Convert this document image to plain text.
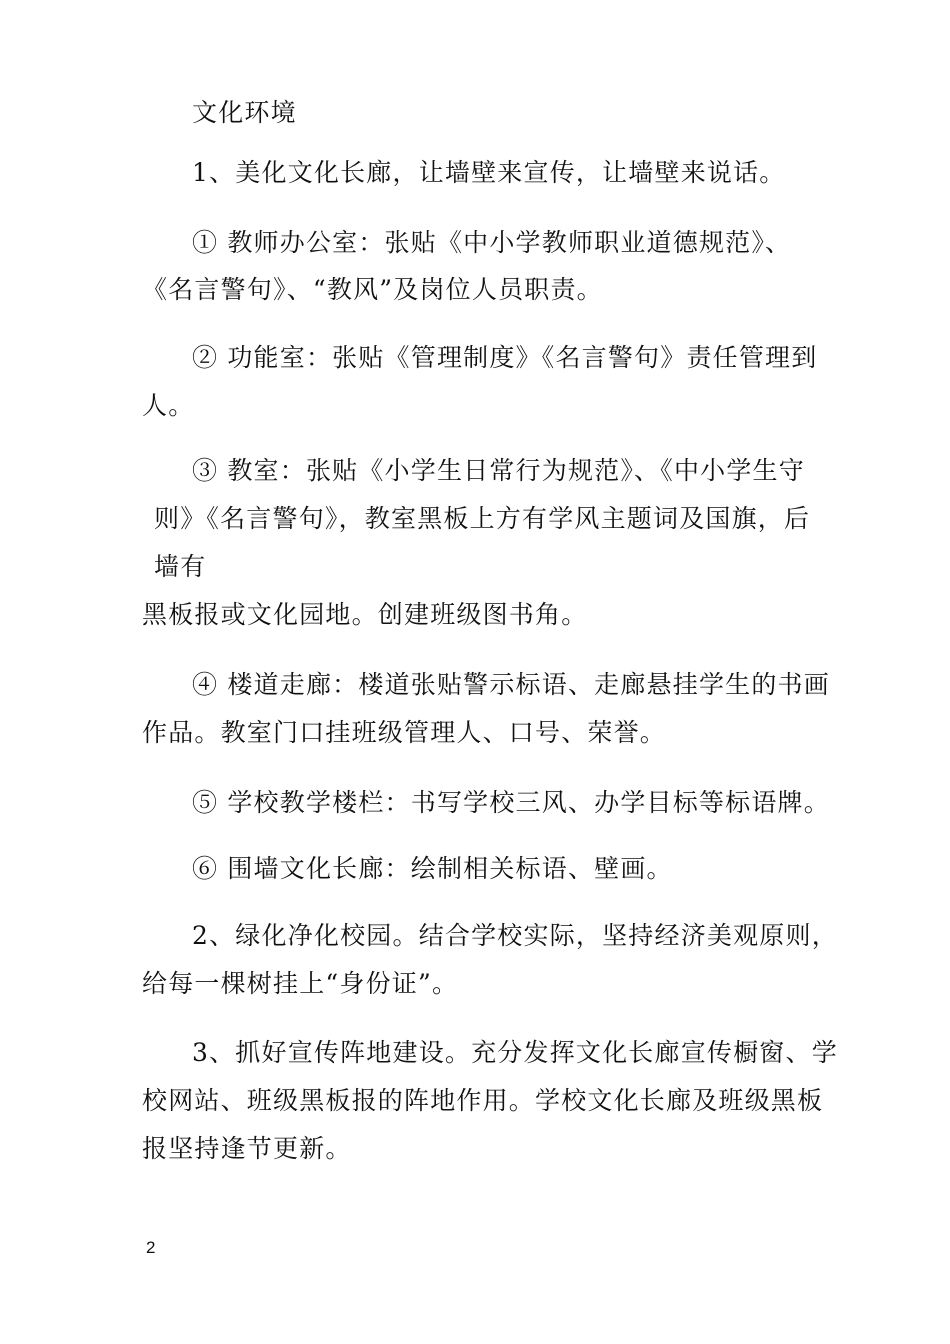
文化环境
1、美化文化长廊，让墙壁来宣传，让墙壁来说话。
① 教师办公室：张贴《中小学教师职业道德规范》、
《名言警句》、“教风”及岗位人员职责。
② 功能室：张贴《管理制度》《名言警句》责任管理到
人。
③ 教室：张贴《小学生日常行为规范》、《中小学生守
则》《名言警句》，教室黑板上方有学风主题词及国旗，后
墙有
黑板报或文化园地。创建班级图书角。
④ 楼道走廊：楼道张贴警示标语、走廊悬挂学生的书画
作品。教室门口挂班级管理人、口号、荣誉。
⑤ 学校教学楼栏：书写学校三风、办学目标等标语牌。
⑥ 围墙文化长廊：绘制相关标语、壁画。
2、绿化净化校园。结合学校实际，坚持经济美观原则，
给每一棵树挂上“身份证”。
3、抓好宣传阵地建设。充分发挥文化长廊宣传橱窗、学
校网站、班级黑板报的阵地作用。学校文化长廊及班级黑板
报坚持逢节更新。
2
